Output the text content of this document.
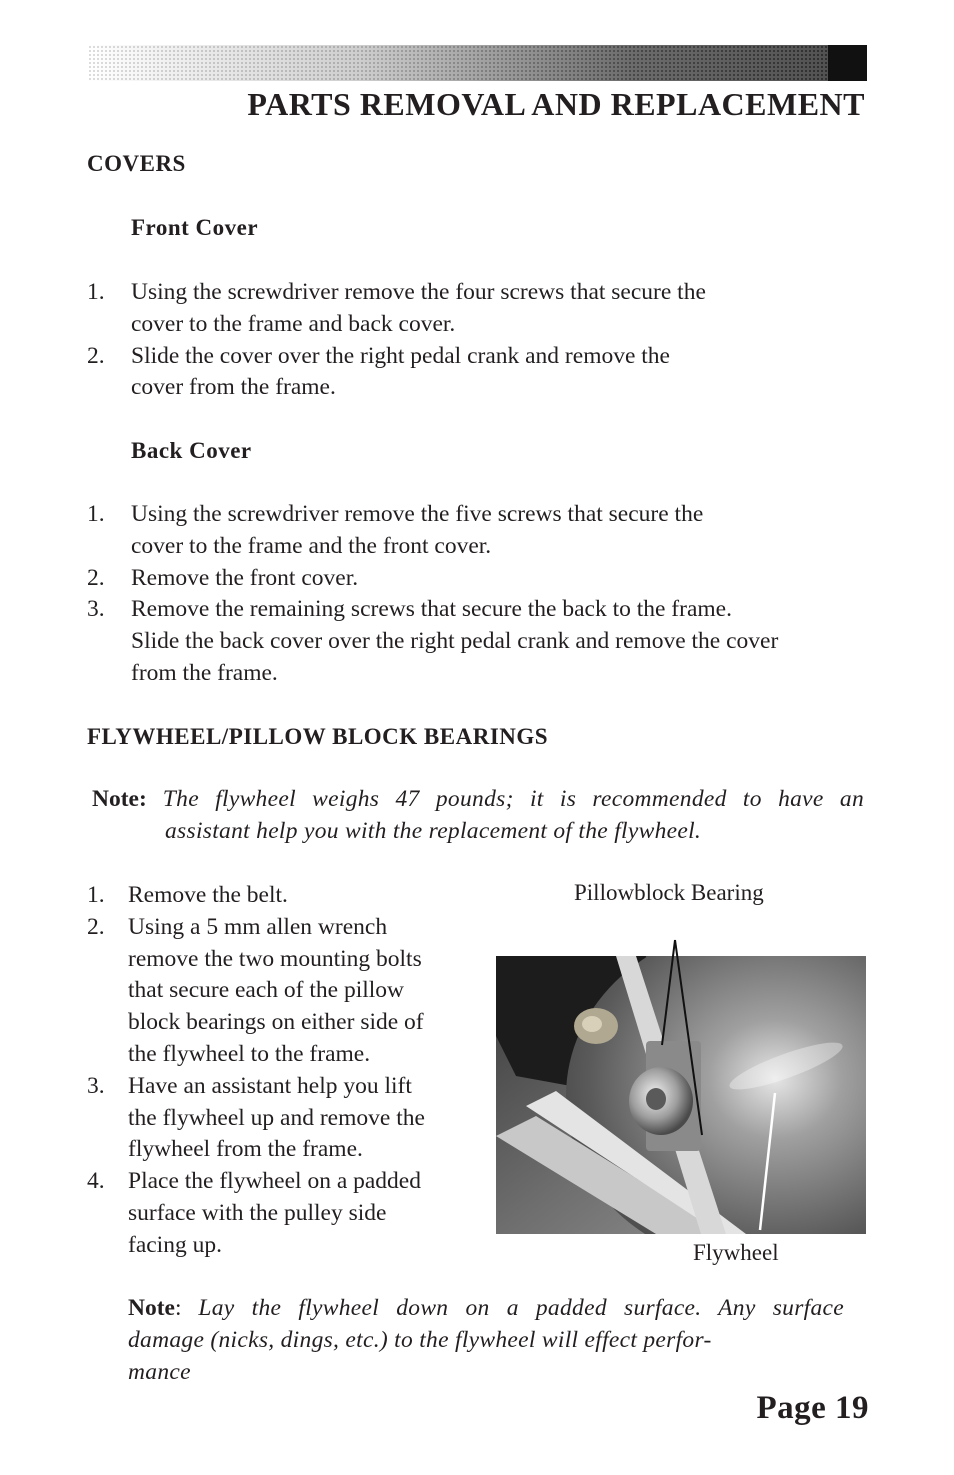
PARTS REMOVAL AND REPLACEMENT
COVERS
Front Cover
1. Using the screwdriver remove the four screws that secure the
cover to the frame and back cover.
2. Slide the cover over the right pedal crank and remove the
cover from the frame.
Back Cover
1. Using the screwdriver remove the five screws that secure the
cover to the frame and the front cover.
2. Remove the front cover.
3. Remove the remaining screws that secure the back to the frame.
Slide the back cover over the right pedal crank and remove the cover
from the frame.
FLYWHEEL/PILLOW BLOCK BEARINGS
Note: The flywheel weighs 47 pounds; it is recommended to have an
assistant help you with the replacement of the flywheel.
1. Remove the belt.
2. Using a 5 mm allen wrench
remove the two mounting bolts
that secure each of the pillow
block bearings on either side of
the flywheel to the frame.
3. Have an assistant help you lift
the flywheel up and remove the
flywheel from the frame.
4. Place the flywheel on a padded
surface with the pulley side
facing up.
Pillowblock Bearing
Flywheel
Note: Lay the flywheel down on a padded surface. Any surface
damage (nicks, dings, etc.) to the flywheel will effect perfor-
mance
Page 19
